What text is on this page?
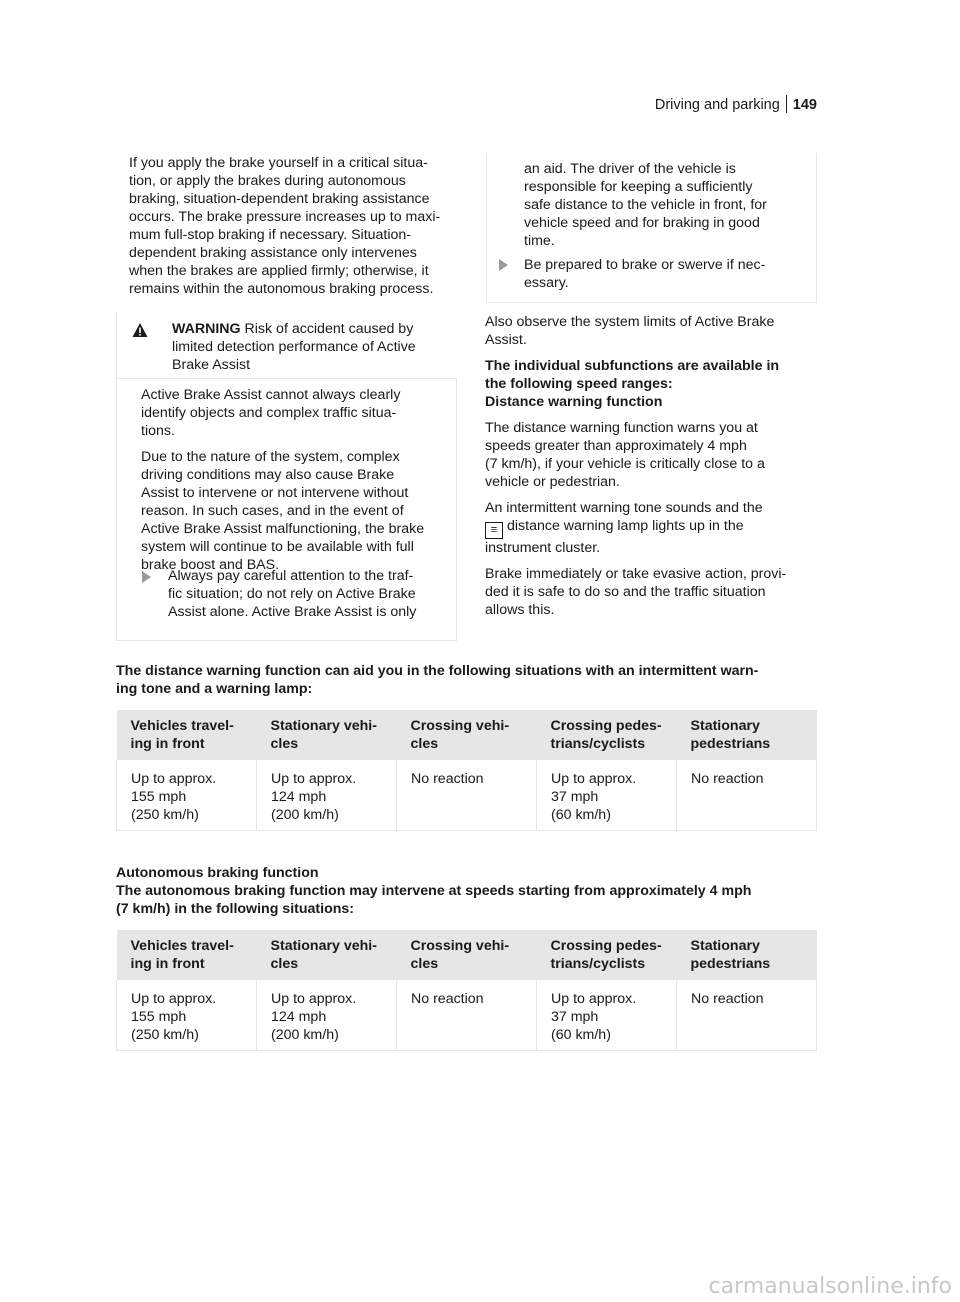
Driving and parking 149
If you apply the brake yourself in a critical situa‐
tion, or apply the brakes during autonomous
braking, situation-dependent braking assistance
occurs. The brake pressure increases up to maxi‐
mum full-stop braking if necessary. Situation-
dependent braking assistance only intervenes
when the brakes are applied firmly; otherwise, it
remains within the autonomous braking process.
WARNING Risk of accident caused by
limited detection performance of Active
Brake Assist

Active Brake Assist cannot always clearly
identify objects and complex traffic situa‐
tions.

Due to the nature of the system, complex
driving conditions may also cause Brake
Assist to intervene or not intervene without
reason. In such cases, and in the event of
Active Brake Assist malfunctioning, the brake
system will continue to be available with full
brake boost and BAS.

Always pay careful attention to the traf‐
fic situation; do not rely on Active Brake
Assist alone. Active Brake Assist is only
an aid. The driver of the vehicle is
responsible for keeping a sufficiently
safe distance to the vehicle in front, for
vehicle speed and for braking in good
time.
Be prepared to brake or swerve if nec‐
essary.

Also observe the system limits of Active Brake
Assist.

The individual subfunctions are available in
the following speed ranges:

Distance warning function

The distance warning function warns you at
speeds greater than approximately 4 mph
(7 km/h), if your vehicle is critically close to a
vehicle or pedestrian.

An intermittent warning tone sounds and the
≡ distance warning lamp lights up in the
instrument cluster.

Brake immediately or take evasive action, provi‐
ded it is safe to do so and the traffic situation
allows this.

The distance warning function can aid you in the following situations with an intermittent warn‐
ing tone and a warning lamp:
Vehicles travel‐
ing in front	Stationary vehi‐
cles	Crossing vehi‐
cles	Crossing pedes‐
trians/cyclists	Stationary
pedestrians

Up to approx.
155 mph
(250 km/h)	Up to approx.
124 mph
(200 km/h)	No reaction	Up to approx.
37 mph
(60 km/h)	No reaction
Autonomous braking function
The autonomous braking function may intervene at speeds starting from approximately 4 mph
(7 km/h) in the following situations:
Vehicles travel‐
ing in front	Stationary vehi‐
cles	Crossing vehi‐
cles	Crossing pedes‐
trians/cyclists	Stationary
pedestrians

Up to approx.
155 mph
(250 km/h)	Up to approx.
124 mph
(200 km/h)	No reaction	Up to approx.
37 mph
(60 km/h)	No reaction
carmanualsonline.info
